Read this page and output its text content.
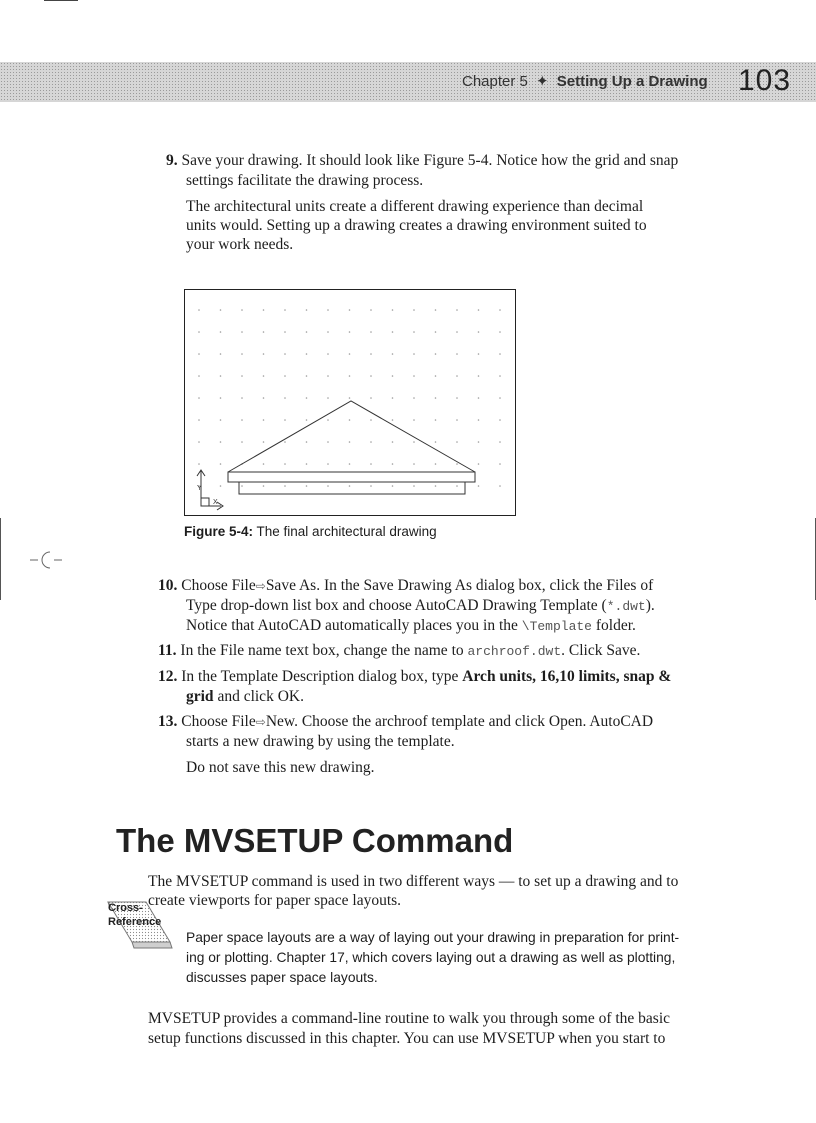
Chapter 5 ✦ Setting Up a Drawing 103
9. Save your drawing. It should look like Figure 5-4. Notice how the grid and snap
settings facilitate the drawing process.
The architectural units create a different drawing experience than decimal
units would. Setting up a drawing creates a drawing environment suited to
your work needs.
Y
X
Figure 5-4: The final architectural drawing
10. Choose File⇨Save As. In the Save Drawing As dialog box, click the Files of
Type drop-down list box and choose AutoCAD Drawing Template (*.dwt).
Notice that AutoCAD automatically places you in the \Template folder.
11. In the File name text box, change the name to archroof.dwt. Click Save.
12. In the Template Description dialog box, type Arch units, 16,10 limits, snap &
grid and click OK.
13. Choose File⇨New. Choose the archroof template and click Open. AutoCAD
starts a new drawing by using the template.
Do not save this new drawing.
The MVSETUP Command
The MVSETUP command is used in two different ways — to set up a drawing and to
create viewports for paper space layouts.
Cross-
Reference
Paper space layouts are a way of laying out your drawing in preparation for print-
ing or plotting. Chapter 17, which covers laying out a drawing as well as plotting,
discusses paper space layouts.
MVSETUP provides a command-line routine to walk you through some of the basic
setup functions discussed in this chapter. You can use MVSETUP when you start to
